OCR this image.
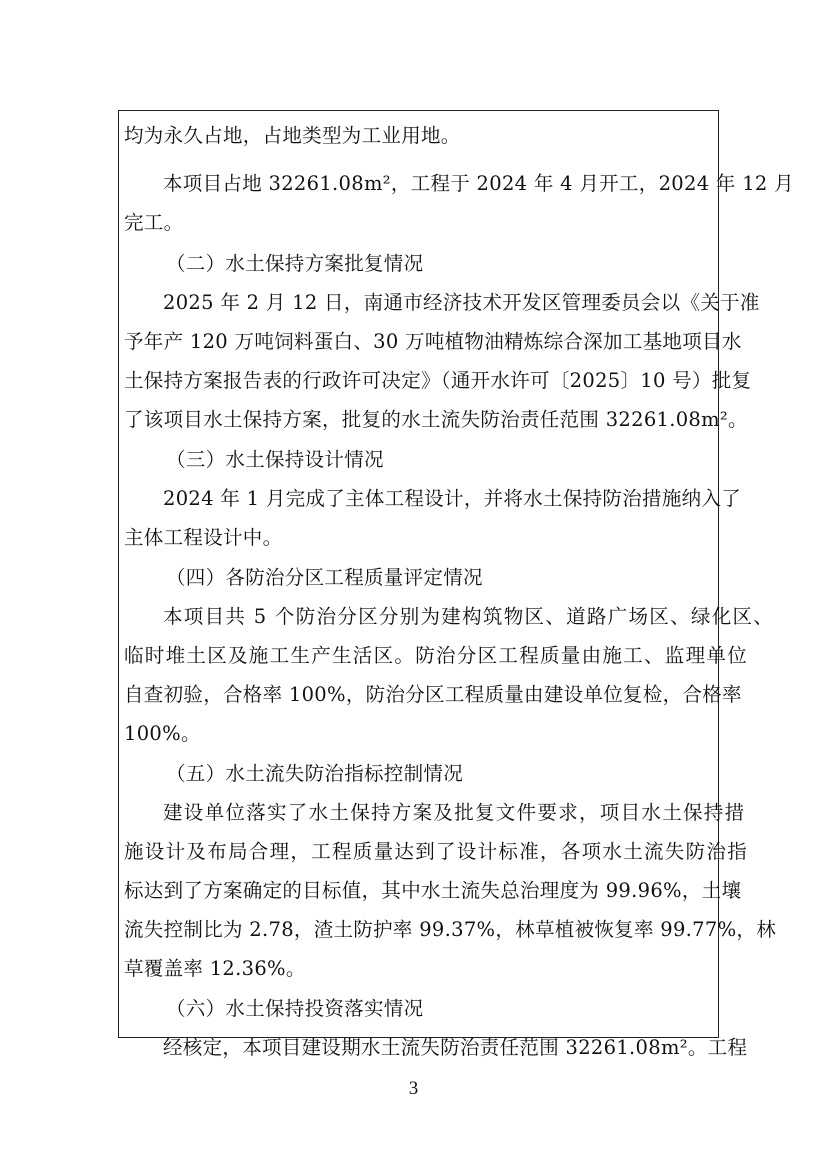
均为永久占地，占地类型为工业用地。
本项目占地 32261.08m²，工程于 2024 年 4 月开工，2024 年 12 月
完工。
（二）水土保持方案批复情况
2025 年 2 月 12 日，南通市经济技术开发区管理委员会以《关于准
予年产 120 万吨饲料蛋白、30 万吨植物油精炼综合深加工基地项目水
土保持方案报告表的行政许可决定》（通开水许可〔2025〕10 号）批复
了该项目水土保持方案，批复的水土流失防治责任范围 32261.08m²。
（三）水土保持设计情况
2024 年 1 月完成了主体工程设计，并将水土保持防治措施纳入了
主体工程设计中。
（四）各防治分区工程质量评定情况
本项目共 5 个防治分区分别为建构筑物区、道路广场区、绿化区、
临时堆土区及施工生产生活区。防治分区工程质量由施工、监理单位
自查初验，合格率 100%，防治分区工程质量由建设单位复检，合格率
100%。
（五）水土流失防治指标控制情况
建设单位落实了水土保持方案及批复文件要求，项目水土保持措
施设计及布局合理，工程质量达到了设计标准，各项水土流失防治指
标达到了方案确定的目标值，其中水土流失总治理度为 99.96%，土壤
流失控制比为 2.78，渣土防护率 99.37%，林草植被恢复率 99.77%，林
草覆盖率 12.36%。
（六）水土保持投资落实情况
经核定，本项目建设期水土流失防治责任范围 32261.08m²。工程
3
